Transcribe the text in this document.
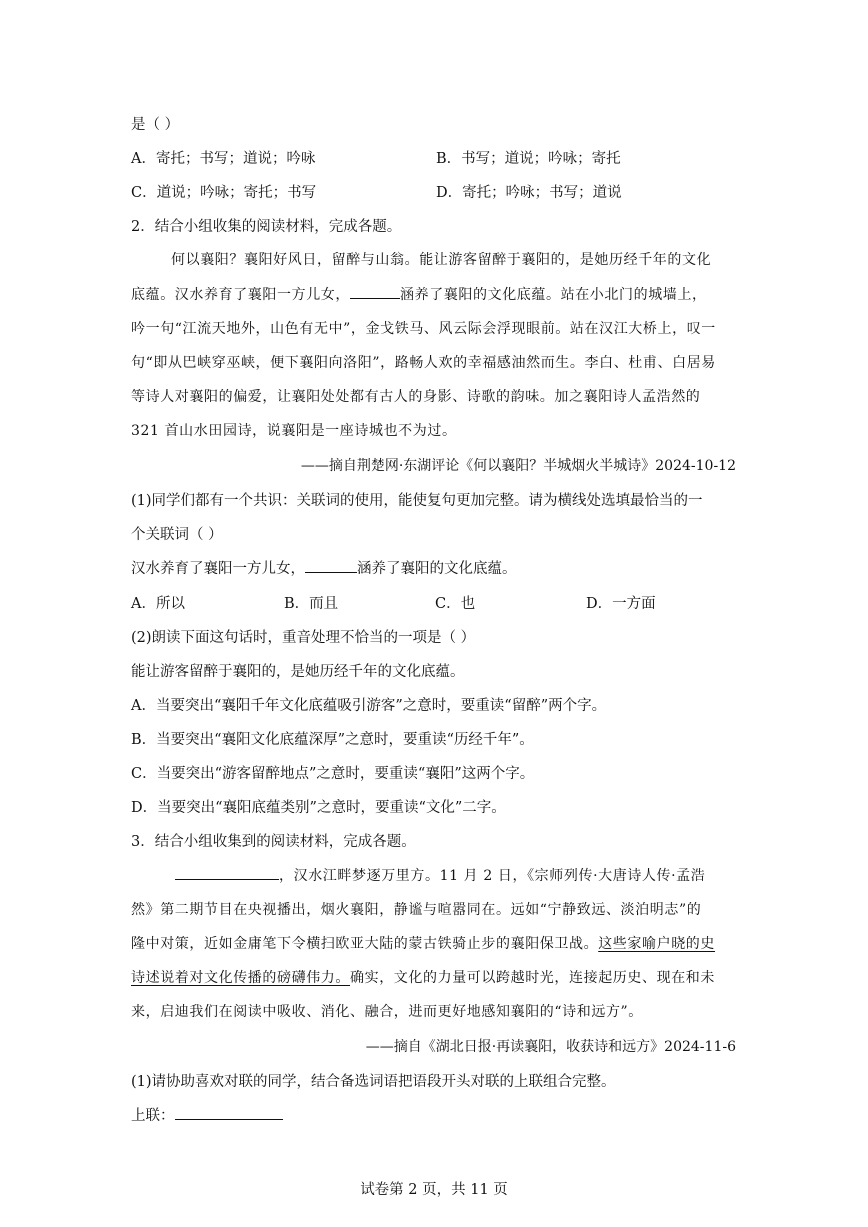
是（ ）
A．寄托；书写；道说；吟咏	B．书写；道说；吟咏；寄托
C．道说；吟咏；寄托；书写	D．寄托；吟咏；书写；道说
2．结合小组收集的阅读材料，完成各题。

何以襄阳？襄阳好风日，留醉与山翁。能让游客留醉于襄阳的，是她历经千年的文化

底蕴。汉水养育了襄阳一方儿女，	涵养了襄阳的文化底蕴。站在小北门的城墙上，

吟一句“江流天地外，山色有无中”，金戈铁马、风云际会浮现眼前。站在汉江大桥上，叹一

句“即从巴峡穿巫峡，便下襄阳向洛阳”，路畅人欢的幸福感油然而生。李白、杜甫、白居易

等诗人对襄阳的偏爱，让襄阳处处都有古人的身影、诗歌的韵味。加之襄阳诗人孟浩然的

321 首山水田园诗，说襄阳是一座诗城也不为过。

——摘自荆楚网·东湖评论《何以襄阳？半城烟火半城诗》2024-10-12
(1)同学们都有一个共识：关联词的使用，能使复句更加完整。请为横线处选填最恰当的一
个关联词（ ）
汉水养育了襄阳一方儿女，	涵养了襄阳的文化底蕴。
A．所以	B．而且	C．也	D．一方面
(2)朗读下面这句话时，重音处理不恰当的一项是（ ）
能让游客留醉于襄阳的，是她历经千年的文化底蕴。
A．当要突出“襄阳千年文化底蕴吸引游客”之意时，要重读“留醉”两个字。
B．当要突出“襄阳文化底蕴深厚”之意时，要重读“历经千年”。
C．当要突出“游客留醉地点”之意时，要重读“襄阳”这两个字。
D．当要突出“襄阳底蕴类别”之意时，要重读“文化”二字。
3．结合小组收集到的阅读材料，完成各题。

，汉水江畔梦逐万里方。11 月 2 日，《宗师列传·大唐诗人传·孟浩

然》第二期节目在央视播出，烟火襄阳，静谧与喧嚣同在。远如“宁静致远、淡泊明志”的

隆中对策，近如金庸笔下令横扫欧亚大陆的蒙古铁骑止步的襄阳保卫战。这些家喻户晓的史

诗述说着对文化传播的磅礴伟力。确实，文化的力量可以跨越时光，连接起历史、现在和未

来，启迪我们在阅读中吸收、消化、融合，进而更好地感知襄阳的“诗和远方”。

——摘自《湖北日报·再读襄阳，收获诗和远方》2024-11-6
(1)请协助喜欢对联的同学，结合备选词语把语段开头对联的上联组合完整。
上联：
试卷第 2 页，共 11 页
